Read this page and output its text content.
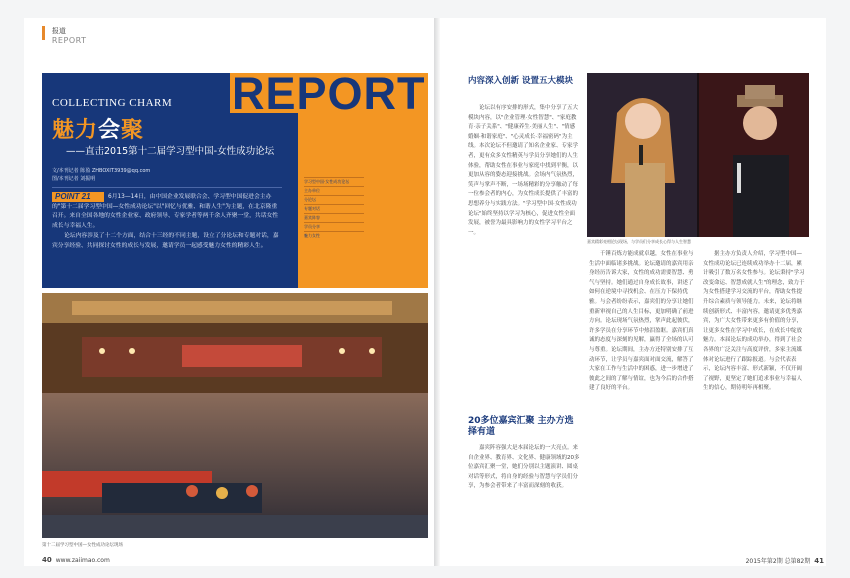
报道
REPORT
REPORT
COLLECTING CHARM
魅力会聚
——直击2015第十二届学习型中国-女性成功论坛
文/本刊记者 陈盈 ZHBOXIT3939@qq.com
图/本刊记者 刘振明

6月13—14日，由中国企业发展联合会、学习型中国促进会主办的"第十二届学习型中国—女性成功论坛"以"回忆与优雅、和谐人生"为主题，在北京隆重召开。来自全国各地的女性企业家、政府领导、专家学者等两千余人齐聚一堂，共话女性成长与幸福人生。

论坛内容涉及了十二个方面，结合十三经的不同主题，设立了分论坛和专题对话，嘉宾分享经验、共同探讨女性的成长与发展，邀请学员一起感受魅力女性的精彩人生。

POINT 21
学习型中国·女性成功论坛
主办单位
分论坛
专题对话
嘉宾阵容
学员分享
魅力女性
第十二届学习型中国—女性成功论坛现场
40 www.zaiimao.com	2015年第2期 总第82期 41
内容深入创新 设置五大模块
论坛以有序安排的形式，集中分享了五大模块内容，以"企业管理·女性智慧"、"家庭教育·亲子关系"、"健康养生·美丽人生"、"情感婚姻·和谐家庭"、"心灵成长·幸福密码"为主线。本次论坛不但邀请了知名企业家、专家学者，更有众多女性精英与学员分享她们的人生体验，帮助女性在事业与家庭中找到平衡，以更加从容的姿态迎接挑战。会场内气氛热烈，笑声与掌声不断，一场场精彩的分享触动了每一位参会者的内心，为女性成长提供了丰富的思想养分与实践方法。"学习型中国·女性成功论坛"始终坚持以学习为核心，促进女性全面发展，被誉为最具影响力的女性学习平台之一。
20多位嘉宾汇聚 主办方选择有道
嘉宾阵容强大是本届论坛的一大亮点。来自企业界、教育界、文化界、健康领域的20多位嘉宾汇聚一堂，她们分别以主题演讲、圆桌对话等形式，将自身的经验与智慧与学员们分享，为参会者带来了丰富而深刻的收获。
嘉宾精彩亮相论坛现场，与学员们分享成长心得与人生智慧
千锤百炼方能成就卓越，女性在事业与生活中面临诸多挑战。论坛邀请的嘉宾用亲身经历告诉大家，女性的成功需要智慧、勇气与坚持。她们通过自身成长故事，讲述了如何在逆境中寻找机会、在压力下保持优雅。与会者纷纷表示，嘉宾们的分享让她们重新审视自己的人生目标，更加明确了前进方向。论坛现场气氛热烈，掌声此起彼伏，许多学员在分享环节中热泪盈眶。嘉宾们真诚的态度与深刻的见解，赢得了全场的认可与尊重。论坛期间，主办方还特别安排了互动环节，让学员与嘉宾面对面交流，解答了大家在工作与生活中的困惑，进一步增进了彼此之间的了解与情谊，也为今后的合作搭建了良好的平台。
据主办方负责人介绍，学习型中国—女性成功论坛已连续成功举办十二届，累计吸引了数万名女性参与。论坛秉持"学习改变命运、智慧成就人生"的理念，致力于为女性搭建学习交流的平台，帮助女性提升综合素质与领导能力。未来，论坛将继续创新形式、丰富内容，邀请更多优秀嘉宾，为广大女性带来更多有价值的分享，让更多女性在学习中成长，在成长中绽放魅力。本届论坛的成功举办，得到了社会各界的广泛关注与高度评价，多家主流媒体对论坛进行了跟踪报道。与会代表表示，论坛内容丰富、形式新颖，不仅开阔了视野，更坚定了她们追求事业与幸福人生的信心，期待明年再相聚。
